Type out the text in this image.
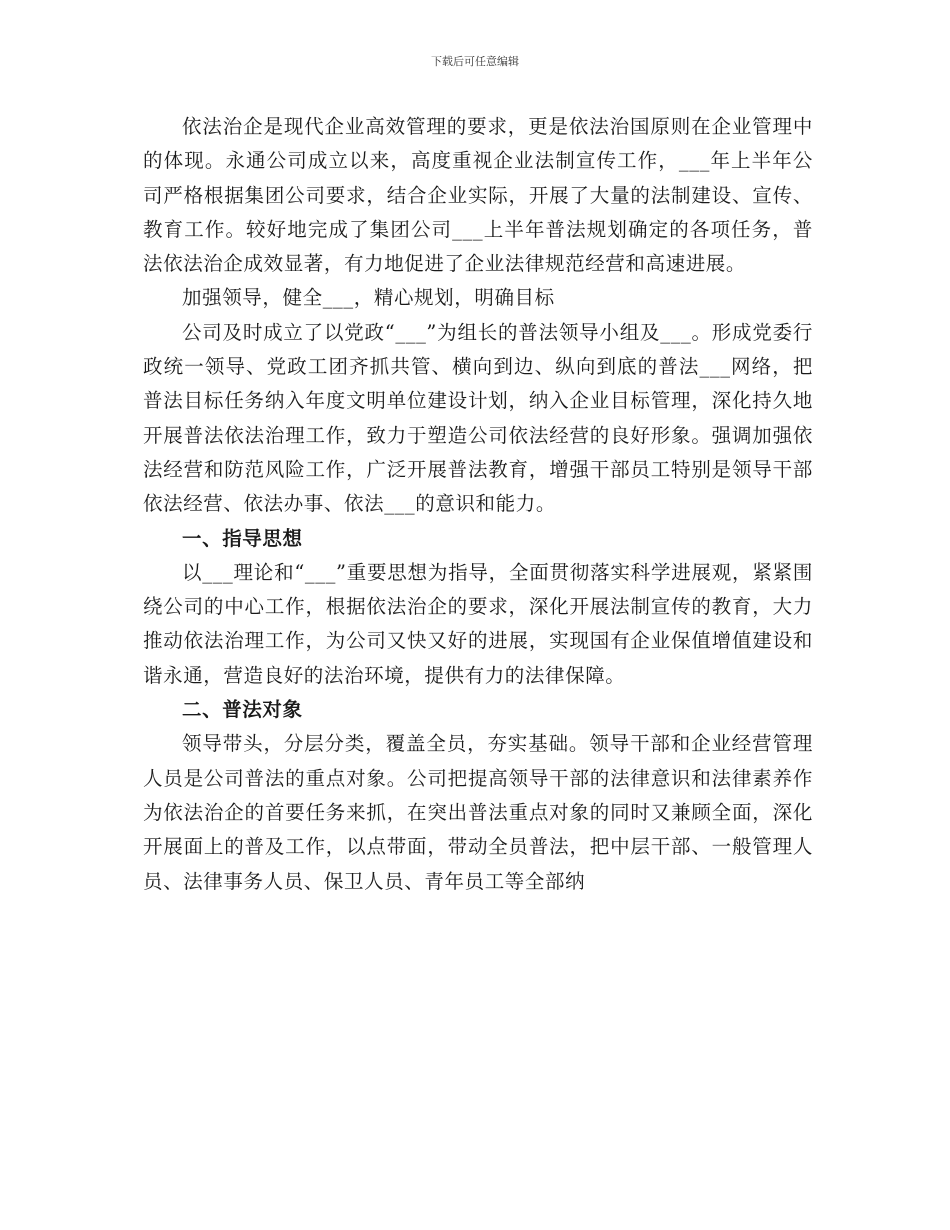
下载后可任意编辑

依法治企是现代企业高效管理的要求，更是依法治国原则在企业管理中的体现。永通公司成立以来，高度重视企业法制宣传工作，___年上半年公司严格根据集团公司要求，结合企业实际，开展了大量的法制建设、宣传、教育工作。较好地完成了集团公司___上半年普法规划确定的各项任务，普法依法治企成效显著，有力地促进了企业法律规范经营和高速进展。

加强领导，健全___，精心规划，明确目标

公司及时成立了以党政“___”为组长的普法领导小组及___。形成党委行政统一领导、党政工团齐抓共管、横向到边、纵向到底的普法___网络，把普法目标任务纳入年度文明单位建设计划，纳入企业目标管理，深化持久地开展普法依法治理工作，致力于塑造公司依法经营的良好形象。强调加强依法经营和防范风险工作，广泛开展普法教育，增强干部员工特别是领导干部依法经营、依法办事、依法___的意识和能力。

一、指导思想

以___理论和“___”重要思想为指导，全面贯彻落实科学进展观，紧紧围绕公司的中心工作，根据依法治企的要求，深化开展法制宣传的教育，大力推动依法治理工作，为公司又快又好的进展，实现国有企业保值增值建设和谐永通，营造良好的法治环境，提供有力的法律保障。

二、普法对象

领导带头，分层分类，覆盖全员，夯实基础。领导干部和企业经营管理人员是公司普法的重点对象。公司把提高领导干部的法律意识和法律素养作为依法治企的首要任务来抓，在突出普法重点对象的同时又兼顾全面，深化开展面上的普及工作，以点带面，带动全员普法，把中层干部、一般管理人员、法律事务人员、保卫人员、青年员工等全部纳
